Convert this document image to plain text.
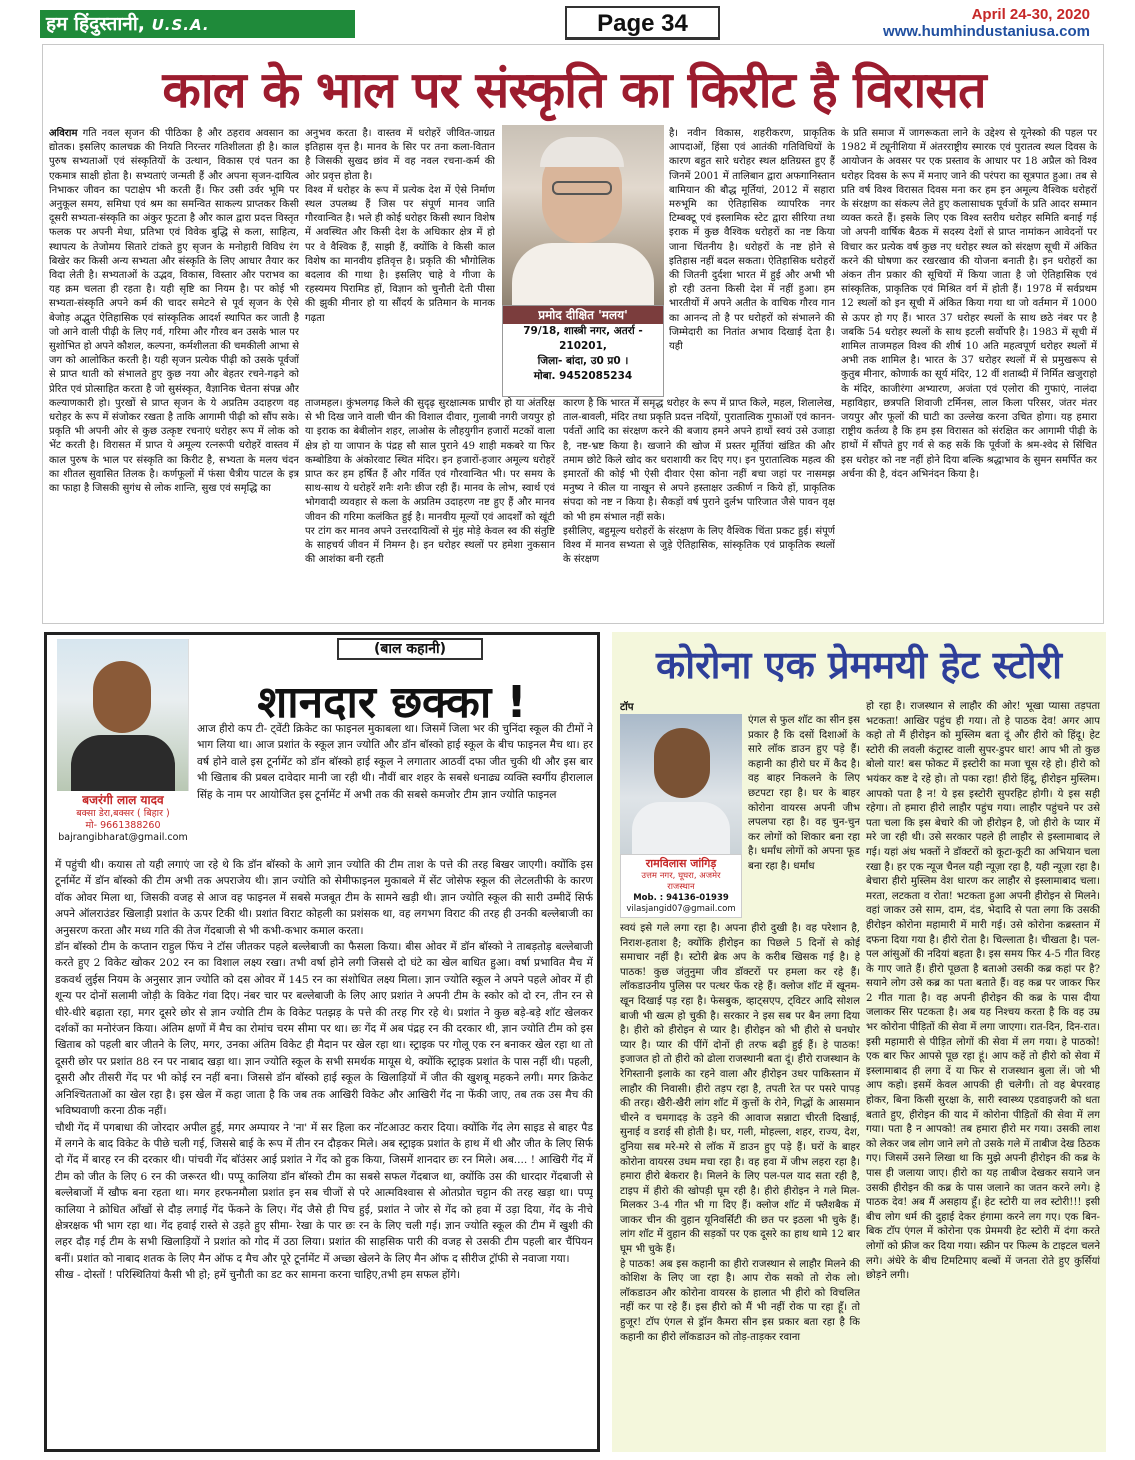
हम हिंदुस्तानी, U.S.A.	Page 34	April 24-30, 2020
www.humhindustaniusa.com
काल के भाल पर संस्कृति का किरीट है विरासत
अविराम गति नवल सृजन की पीठिका है और ठहराव अवसान का द्योतक। इसलिए कालचक्र की नियति निरन्तर गतिशीलता ही है। काल पुरुष सभ्यताओं एवं संस्कृतियों के उत्थान, विकास एवं पतन का एकमात्र साक्षी होता है। सभ्यताएं जन्मती हैं और अपना सृजन-दायित्व निभाकर जीवन का पटाक्षेप भी करती हैं। फिर उसी उर्वर भूमि पर अनुकूल समय, समिधा एवं श्रम का समन्वित साकल्य प्राप्तकर किसी दूसरी सभ्यता-संस्कृति का अंकुर फूटता है और काल द्वारा प्रदत्त विस्तृत फलक पर अपनी मेधा, प्रतिभा एवं विवेक बुद्धि से कला, साहित्य, स्थापत्य के तेजोमय सितारे टांकते हुए सृजन के मनोहारी विविध रंग बिखेर कर किसी अन्य सभ्यता और संस्कृति के लिए आधार तैयार कर विदा लेती है। सभ्यताओं के उद्भव, विकास, विस्तार और पराभव का यह क्रम चलता ही रहता है। यही सृष्टि का नियम है। पर कोई भी सभ्यता-संस्कृति अपने कर्म की चादर समेटने से पूर्व सृजन के ऐसे बेजोड़ अद्भुत ऐतिहासिक एवं सांस्कृतिक आदर्श स्थापित कर जाती है जो आने वाली पीढ़ी के लिए गर्व, गरिमा और गौरव बन उसके भाल पर सुशोभित हो अपने कौशल, कल्पना, कर्मशीलता की चमकीली आभा से जग को आलोकित करती है। यही सृजन प्रत्येक पीढ़ी को उसके पूर्वजों से प्राप्त थाती को संभालते हुए कुछ नया और बेहतर रचने-गढ़ने को प्रेरित एवं प्रोत्साहित करता है जो सुसंस्कृत, वैज्ञानिक चेतना संपन्न और कल्याणकारी हो। पुरखों से प्राप्त सृजन के ये अप्रतिम उदाहरण वह धरोहर के रूप में संजोकर रखता है ताकि आगामी पीढ़ी को सौंप सके। प्रकृति भी अपनी ओर से कुछ उत्कृष्ट रचनाएं धरोहर रूप में लोक को भेंट करती है। विरासत में प्राप्त ये अमूल्य रत्नरूपी धरोहरें वास्तव में काल पुरुष के भाल पर संस्कृति का किरीट है, सभ्यता के मलय चंदन का शीतल सुवासित तिलक है। कर्णफूलों में फंसा चैत्रीय पाटल के इत्र का फाहा है जिसकी सुगंध से लोक शान्ति, सुख एवं समृद्धि का
अनुभव करता है। वास्तव में धरोहरें जीवित-जाग्रत इतिहास वृत्त है। मानव के सिर पर तना कला-वितान है जिसकी सुखद छांव में वह नवल रचना-कर्म की ओर प्रवृत्त होता है।
विश्व में धरोहर के रूप में प्रत्येक देश में ऐसे निर्माण स्थल उपलब्ध हैं जिस पर संपूर्ण मानव जाति गौरवान्वित है। भले ही कोई धरोहर किसी स्थान विशेष में अवस्थित और किसी देश के अधिकार क्षेत्र में हो पर वे वैश्विक हैं, साझी हैं, क्योंकि वे किसी काल विशेष का मानवीय इतिवृत्त है। प्रकृति की भौगोलिक बदलाव की गाथा है। इसलिए चाहे वे गीजा के रहस्यमय पिरामिड हों, विज्ञान को चुनौती देती पीसा की झुकी मीनार हो या सौंदर्य के प्रतिमान के मानक गढ़ता	प्रमोद दीक्षित 'मलय'
79/18, शास्त्री नगर, अतर्रा -
210201,
जिला- बांदा, उ0 प्र0 ।
मोबा. 9452085234
ताजमहल। कुंभलगढ़ किले की सुदृढ़ सुरक्षात्मक प्राचीर हो या अंतरिक्ष से भी दिख जाने वाली चीन की विशाल दीवार, गुलाबी नगरी जयपुर हो या इराक का बेबीलोन शहर, लाओस के लौहयुगीन हजारों मटकों वाला क्षेत्र हो या जापान के पंद्रह सौ साल पुराने 49 शाही मकबरे या फिर कम्बोडिया के अंकोरवाट स्थित मंदिर। इन हजारों-हजार अमूल्य धरोहरें प्राप्त कर हम हर्षित हैं और गर्वित एवं गौरवान्वित भी। पर समय के साथ-साथ ये धरोहरें शनैः शनैः छीज रही हैं। मानव के लोभ, स्वार्थ एवं भोगवादी व्यवहार से कला के अप्रतिम उदाहरण नष्ट हुए हैं और मानव जीवन की गरिमा कलंकित हुई है। मानवीय मूल्यों एवं आदर्शों को खूंटी पर टांग कर मानव अपने उत्तरदायित्वों से मुंह मोड़े केवल स्व की संतुष्टि के साहचर्य जीवन में निमग्न है। इन धरोहर स्थलों पर हमेशा नुकसान की आशंका बनी रहती
है। नवीन विकास, शहरीकरण, प्राकृतिक आपदाओं, हिंसा एवं आतंकी गतिविधियों के कारण बहुत सारे धरोहर स्थल क्षतिग्रस्त हुए हैं जिनमें 2001 में तालिबान द्वारा अफगानिस्तान बामियान की बौद्ध मूर्तियां, 2012 में सहारा मरुभूमि का ऐतिहासिक व्यापरिक नगर टिम्बक्टू एवं इस्लामिक स्टेट द्वारा सीरिया तथा इराक में कुछ वैश्विक धरोहरों का नष्ट किया जाना चिंतनीय है। धरोहरों के नष्ट होने से इतिहास नहीं बदल सकता। ऐतिहासिक धरोहरों की जितनी दुर्दशा भारत में हुई और अभी भी हो रही उतना किसी देश में नहीं हुआ। हम भारतीयों में अपने अतीत के वाचिक गौरव गान का आनन्द तो है पर धरोहरों को संभालने की जिम्मेदारी का नितांत अभाव दिखाई देता है। यही
कारण है कि भारत में समृद्ध धरोहर के रूप में प्राप्त किले, महल, शिलालेख, ताल-बावली, मंदिर तथा प्रकृति प्रदत्त नदियों, पुरातात्विक गुफाओं एवं कानन-पर्वतों आदि का संरक्षण करने की बजाय हमने अपने हाथों स्वयं उसे उजाड़ा है, नष्ट-भ्रष्ट किया है। खजाने की खोज में प्रस्तर मूर्तियां खंडित की और तमाम छोटे किले खोद कर धराशायी कर दिए गए। इन पुरातात्विक महत्व की इमारतों की कोई भी ऐसी दीवार ऐसा कोना नहीं बचा जहां पर नासमझ मनुष्य ने कील या नाखून से अपने हस्ताक्षर उत्कीर्ण न किये हों, प्राकृतिक संपदा को नष्ट न किया है। सैकड़ों वर्ष पुराने दुर्लभ पारिजात जैसे पावन वृक्ष को भी हम संभाल नहीं सके।
इसीलिए, बहुमूल्य धरोहरों के संरक्षण के लिए वैश्विक चिंता प्रकट हुई। संपूर्ण विश्व में मानव सभ्यता से जुड़े ऐतिहासिक, सांस्कृतिक एवं प्राकृतिक स्थलों के संरक्षण
के प्रति समाज में जागरूकता लाने के उद्देश्य से यूनेस्को की पहल पर 1982 में ट्यूनीशिया में अंतरराष्ट्रीय स्मारक एवं पुरातत्व स्थल दिवस के आयोजन के अवसर पर एक प्रस्ताव के आधार पर 18 अप्रैल को विश्व धरोहर दिवस के रूप में मनाए जाने की परंपरा का सूत्रपात हुआ। तब से प्रति वर्ष विश्व विरासत दिवस मना कर हम इन अमूल्य वैश्विक धरोहरों के संरक्षण का संकल्प लेते हुए कलासाधक पूर्वजों के प्रति आदर सम्मान व्यक्त करते हैं। इसके लिए एक विश्व स्तरीय धरोहर समिति बनाई गई जो अपनी वार्षिक बैठक में सदस्य देशों से प्राप्त नामांकन आवेदनों पर विचार कर प्रत्येक वर्ष कुछ नए धरोहर स्थल को संरक्षण सूची में अंकित करने की घोषणा कर रखरखाव की योजना बनाती है। इन धरोहरों का अंकन तीन प्रकार की सूचियों में किया जाता है जो ऐतिहासिक एवं सांस्कृतिक, प्राकृतिक एवं मिश्रित वर्ग में होती हैं। 1978 में सर्वप्रथम 12 स्थलों को इन सूची में अंकित किया गया था जो वर्तमान में 1000 से ऊपर हो गए हैं। भारत 37 धरोहर स्थलों के साथ छठे नंबर पर है जबकि 54 धरोहर स्थलों के साथ इटली सर्वोपरि है। 1983 में सूची में शामिल ताजमहल विश्व की शीर्ष 10 अति महत्वपूर्ण धरोहर स्थलों में अभी तक शामिल है। भारत के 37 धरोहर स्थलों में से प्रमुखरूप से कुतुब मीनार, कोणार्क का सूर्य मंदिर, 12 वीं शताब्दी में निर्मित खजुराहो के मंदिर, काजीरंगा अभ्यारण, अजंता एवं एलोरा की गुफाएं, नालंदा महाविहार, छत्रपति शिवाजी टर्मिनस, लाल किला परिसर, जंतर मंतर जयपुर और फूलों की घाटी का उल्लेख करना उचित होगा। यह हमारा राष्ट्रीय कर्तव्य है कि हम इस विरासत को संरक्षित कर आगामी पीढ़ी के हाथों में सौंपते हुए गर्व से कह सकें कि पूर्वजों के श्रम-श्वेद से सिंचित इस धरोहर को नष्ट नहीं होने दिया बल्कि श्रद्धाभाव के सुमन समर्पित कर अर्चना की है, वंदन अभिनंदन किया है।
(बाल कहानी)
शानदार छक्का !
बजरंगी लाल यादव
बक्सा डेरा,बक्सर ( बिहार )
मो- 9661388260
bajrangibharat@gmail.com
आज हीरो कप टी- ट्वेंटी क्रिकेट का फाइनल मुकाबला था। जिसमें जिला भर की चुनिंदा स्कूल की टीमों ने भाग लिया था। आज प्रशांत के स्कूल ज्ञान ज्योति और डॉन बॉस्को हाई स्कूल के बीच फाइनल मैच था। हर वर्ष होने वाले इस टूर्नामेंट को डॉन बॉस्को हाई स्कूल ने लगातार आठवीं दफा जीत चुकी थी और इस बार भी खिताब की प्रबल दावेदार मानी जा रही थी। नौवीं बार शहर के सबसे धनाढ्य व्यक्ति स्वर्गीय हीरालाल सिंह के नाम पर आयोजित इस टूर्नामेंट में अभी तक की सबसे कमजोर टीम ज्ञान ज्योति फाइनल
में पहुंची थी। कयास तो यही लगाएं जा रहे थे कि डॉन बॉस्को के आगे ज्ञान ज्योति की टीम ताश के पत्ते की तरह बिखर जाएगी। क्योंकि इस टूर्नामेंट में डॉन बॉस्को की टीम अभी तक अपराजेय थी। ज्ञान ज्योति को सेमीफाइनल मुकाबले में सेंट जोसेफ स्कूल की लेटलतीफी के कारण वॉक ओवर मिला था, जिसकी वजह से आज वह फाइनल में सबसे मजबूत टीम के सामने खड़ी थी। ज्ञान ज्योति स्कूल की सारी उम्मीदें सिर्फ अपने ऑलराउंडर खिलाड़ी प्रशांत के ऊपर टिकी थी। प्रशांत विराट कोहली का प्रशंसक था, वह लगभग विराट की तरह ही उनकी बल्लेबाजी का अनुसरण करता और मध्य गति की तेज गेंदबाजी से भी कभी-कभार कमाल करता।
डॉन बॉस्को टीम के कप्तान राहुल फिंच ने टॉस जीतकर पहले बल्लेबाजी का फैसला किया। बीस ओवर में डॉन बॉस्को ने ताबड़तोड़ बल्लेबाजी करते हुए 2 विकेट खोकर 202 रन का विशाल लक्ष्य रखा। तभी वर्षा होने लगी जिससे दो घंटे का खेल बाधित हुआ। वर्षा प्रभावित मैच में डकवर्थ लुईस नियम के अनुसार ज्ञान ज्योति को दस ओवर में 145 रन का संशोधित लक्ष्य मिला। ज्ञान ज्योति स्कूल ने अपने पहले ओवर में ही शून्य पर दोनों सलामी जोड़ी के विकेट गंवा दिए। नंबर चार पर बल्लेबाजी के लिए आए प्रशांत ने अपनी टीम के स्कोर को दो रन, तीन रन से धीरे-धीरे बढ़ाता रहा, मगर दूसरे छोर से ज्ञान ज्योति टीम के विकेट पतझड़ के पत्ते की तरह गिर रहे थे। प्रशांत ने कुछ बड़े-बड़े शॉट खेलकर दर्शकों का मनोरंजन किया। अंतिम क्षणों में मैच का रोमांच चरम सीमा पर था। छः गेंद में अब पंद्रह रन की दरकार थी, ज्ञान ज्योति टीम को इस खिताब को पहली बार जीतने के लिए, मगर, उनका अंतिम विकेट ही मैदान पर खेल रहा था। स्ट्राइक पर गोलू एक रन बनाकर खेल रहा था तो दूसरी छोर पर प्रशांत 88 रन पर नाबाद खड़ा था। ज्ञान ज्योति स्कूल के सभी समर्थक मायूस थे, क्योंकि स्ट्राइक प्रशांत के पास नहीं थी। पहली, दूसरी और तीसरी गेंद पर भी कोई रन नहीं बना। जिससे डॉन बॉस्को हाई स्कूल के खिलाड़ियों में जीत की खुशबू महकने लगी। मगर क्रिकेट अनिश्चितताओं का खेल रहा है। इस खेल में कहा जाता है कि जब तक आखिरी विकेट और आखिरी गेंद ना फेंकी जाए, तब तक उस मैच की भविष्यवाणी करना ठीक नहीं।
चौथी गेंद में पगबाधा की जोरदार अपील हुई, मगर अम्पायर ने 'ना' में सर हिला कर नॉटआउट करार दिया। क्योंकि गेंद लेग साइड से बाहर पैड में लगने के बाद विकेट के पीछे चली गई, जिससे बाई के रूप में तीन रन दौड़कर मिले। अब स्ट्राइक प्रशांत के हाथ में थी और जीत के लिए सिर्फ दो गेंद में बारह रन की दरकार थी। पांचवी गेंद बॉउंसर आई प्रशांत ने गेंद को हुक किया, जिसमें शानदार छः रन मिले। अब.... ! आखिरी गेंद में टीम को जीत के लिए 6 रन की जरूरत थी। पप्पू कालिया डॉन बॉस्को टीम का सबसे सफल गेंदबाज था, क्योंकि उस की धारदार गेंदबाजी से बल्लेबाजों में खौफ बना रहता था। मगर हरफनमौला प्रशांत इन सब चीजों से परे आत्मविश्वास से ओतप्रोत चट्टान की तरह खड़ा था। पप्पू कालिया ने क्रोधित आँखों से दौड़ लगाई गेंद फेंकने के लिए। गेंद जैसे ही पिच हुई, प्रशांत ने जोर से गेंद को हवा में उड़ा दिया, गेंद के नीचे क्षेत्ररक्षक भी भाग रहा था। गेंद हवाई रास्ते से उड़ते हुए सीमा- रेखा के पार छः रन के लिए चली गई। ज्ञान ज्योति स्कूल की टीम में खुशी की लहर दौड़ गई टीम के सभी खिलाड़ियों ने प्रशांत को गोद में उठा लिया। प्रशांत की साहसिक पारी की वजह से उसकी टीम पहली बार चैंपियन बनीं। प्रशांत को नाबाद शतक के लिए मैन ऑफ द मैच और पूरे टूर्नामेंट में अच्छा खेलने के लिए मैन ऑफ द सीरीज ट्रॉफी से नवाजा गया।
सीख - दोस्तों ! परिस्थितियां कैसी भी हो; हमें चुनौती का डट कर सामना करना चाहिए,तभी हम सफल होंगे।
कोरोना एक प्रेममयी हेट स्टोरी
रामविलास जांगिड़
उत्तम नगर, घूघरा, अजमेर
राजस्थान
Mob. : 94136-01939
vilasjangid07@gmail.com
टॉप
एंगल से फुल शॉट का सीन इस प्रकार है कि दसों दिशाओं के सारे लॉक डाउन हुए पड़े हैं। कहानी का हीरो घर में कैद है। वह बाहर निकलने के लिए छटपटा रहा है। घर के बाहर कोरोना वायरस अपनी जीभ लपलपा रहा है। वह चुन-चुन कर लोगों को शिकार बना रहा है। धर्मांध लोगों को अपना फूड बना रहा है। धर्मांध
स्वयं इसे गले लगा रहा है। अपना हीरो दुखी है। वह परेशान है, निराश-हताश है; क्योंकि हीरोइन का पिछले 5 दिनों से कोई समाचार नहीं है। स्टोरी ब्रेक अप के करीब खिसक गई है। हे पाठक! कुछ जंतुनुमा जीव डॉक्टरों पर हमला कर रहे हैं। लॉकडाउनीय पुलिस पर पत्थर फेंक रहे हैं। क्लोज शॉट में खूनम-खून दिखाई पड़ रहा है। फेसबुक, व्हाट्सएप, ट्विटर आदि सोशल बाजी भी खत्म हो चुकी है। सरकार ने इस सब पर बैन लगा दिया है। हीरो को हीरोइन से प्यार है। हीरोइन को भी हीरो से घनघोर प्यार है। प्यार की पींगें दोनों ही तरफ बढ़ी हुई हैं। हे पाठक! इजाजत हो तो हीरो को ढोला राजस्थानी बता दूं। हीरो राजस्थान के रेगिस्तानी इलाके का रहने वाला और हीरोइन उधर पाकिस्तान में लाहौर की निवासी। हीरो तड़प रहा है, तपती रेत पर पसरे पापड़ की तरह। खैरी-खैरी लांग शॉट में कुत्तों के रोने, गिद्धों के आसमान चीरने व चमगादड़ के उड़ने की आवाज सन्नाटा चीरती दिखाई, सुनाई व डराई सी होती है। घर, गली, मोहल्ला, शहर, राज्य, देश, दुनिया सब मरे-मरे से लॉक में डाउन हुए पड़े हैं। घरों के बाहर कोरोना वायरस उधम मचा रहा है। वह हवा में जीभ लहरा रहा है। हमारा हीरो बेकरार है। मिलने के लिए पल-पल याद सता रही है, टाइप में हीरो की खोपड़ी घूम रही है। हीरो हीरोइन ने गले मिल-मिलकर 3-4 गीत भी गा दिए हैं। क्लोज शॉट में फ्लैशबैक में जाकर चीन की वुहान यूनिवर्सिटी की छत पर इठला भी चुके हैं। लांग शॉट में वुहान की सड़कों पर एक दूसरे का हाथ थामे 12 बार घूम भी चुके हैं।
हे पाठक! अब इस कहानी का हीरो राजस्थान से लाहौर मिलने की कोशिश के लिए जा रहा है। आप रोक सको तो रोक लो। लॉकडाउन और कोरोना वायरस के हालात भी हीरो को विचलित नहीं कर पा रहे हैं। इस हीरो को मैं भी नहीं रोक पा रहा हूँ। तो हुजूर! टॉप एंगल से ड्रॉन कैमरा सीन इस प्रकार बता रहा है कि कहानी का हीरो लॉकडाउन को तोड़-ताड़कर रवाना
हो रहा है। राजस्थान से लाहौर की ओर! भूखा प्यासा तड़पता भटकता! आखिर पहुंच ही गया। तो हे पाठक देव! अगर आप कहो तो मैं हीरोइन को मुस्लिम बता दूं और हीरो को हिंदू। हेट स्टोरी की लवली कंट्रास्ट वाली सुपर-डुपर धार! आप भी तो कुछ बोलो यार! बस फोकट में इस्टोरी का मजा चूस रहे हो। हीरो को भयंकर कष्ट दे रहे हो। तो पका रहा! हीरो हिंदू, हीरोइन मुस्लिम। आपको पता है न! ये इस इस्टोरी सुपरहिट होगी। ये इस सही रहेगा। तो हमारा हीरो लाहौर पहुंच गया। लाहौर पहुंचने पर उसे पता चला कि इस बेचारे की जो हीरोइन है, जो हीरो के प्यार में मरे जा रही थी। उसे सरकार पहले ही लाहौर से इस्लामाबाद ले गई। यहां अंध भक्तों ने डॉक्टरों को कूटा-कूटी का अभियान चला रखा है। हर एक न्यूज चैनल यही न्यूज़ा रहा है, यही न्यूज़ा रहा है। बेचारा हीरो मुस्लिम वेश धारण कर लाहौर से इस्लामाबाद चला। मरता, लटकता व रोता! भटकता हुआ अपनी हीरोइन से मिलने। वहां जाकर उसे साम, दाम, दंड, भेदादि से पता लगा कि उसकी हीरोइन कोरोना महामारी में मारी गई। उसे कोरोना कब्रस्तान में दफना दिया गया है। हीरो रोता है। चिल्लाता है। चीखता है। पल-पल आंसुओं की नदियां बहता है। इस समय फिर 4-5 गीत विरह के गाए जाते हैं। हीरो पूछता है बताओ उसकी कब्र कहां पर है? सयाने लोग उसे कब्र का पता बताते हैं। वह कब्र पर जाकर फिर 2 गीत गाता है। वह अपनी हीरोइन की कब्र के पास दीया जलाकर सिर पटकता है। अब यह निश्चय करता है कि वह उम्र भर कोरोना पीड़ितों की सेवा में लगा जाएगा। रात-दिन, दिन-रात। इसी महामारी से पीड़ित लोगों की सेवा में लग गया। हे पाठको! एक बार फिर आपसे पूछ रहा हूं। आप कहें तो हीरो को सेवा में इस्लामाबाद ही लगा दें या फिर से राजस्थान बुला लें। जो भी आप कहो। इसमें केवल आपकी ही चलेगी। तो वह बेपरवाह होकर, बिना किसी सुरक्षा के, सारी स्वास्थ्य एडवाइजरी को धता बताते हुए, हीरोइन की याद में कोरोना पीड़ितों की सेवा में लग गया। पता है न आपको! तब हमारा हीरो मर गया। उसकी लाश को लेकर जब लोग जाने लगे तो उसके गले में ताबीज देख ठिठक गए। जिसमें उसने लिखा था कि मुझे अपनी हीरोइन की कब्र के पास ही जलाया जाए। हीरो का यह ताबीज देखकर सयाने जन उसकी हीरोइन की कब्र के पास जलाने का जतन करने लगे। हे पाठक देव! अब मैं असहाय हूँ। हेट स्टोरी या लव स्टोरी!!! इसी बीच लोग धर्म की दुहाई देकर हंगामा करने लग गए। एक बिन-बिक टॉप एंगल में कोरोना एक प्रेममयी हेट स्टोरी में दंगा करते लोगों को फ्रीज कर दिया गया। स्क्रीन पर फिल्म के टाइटल चलने लगे। अंधेरे के बीच टिमटिमाए बल्बों में जनता रोते हुए कुर्सियां छोड़ने लगी।
